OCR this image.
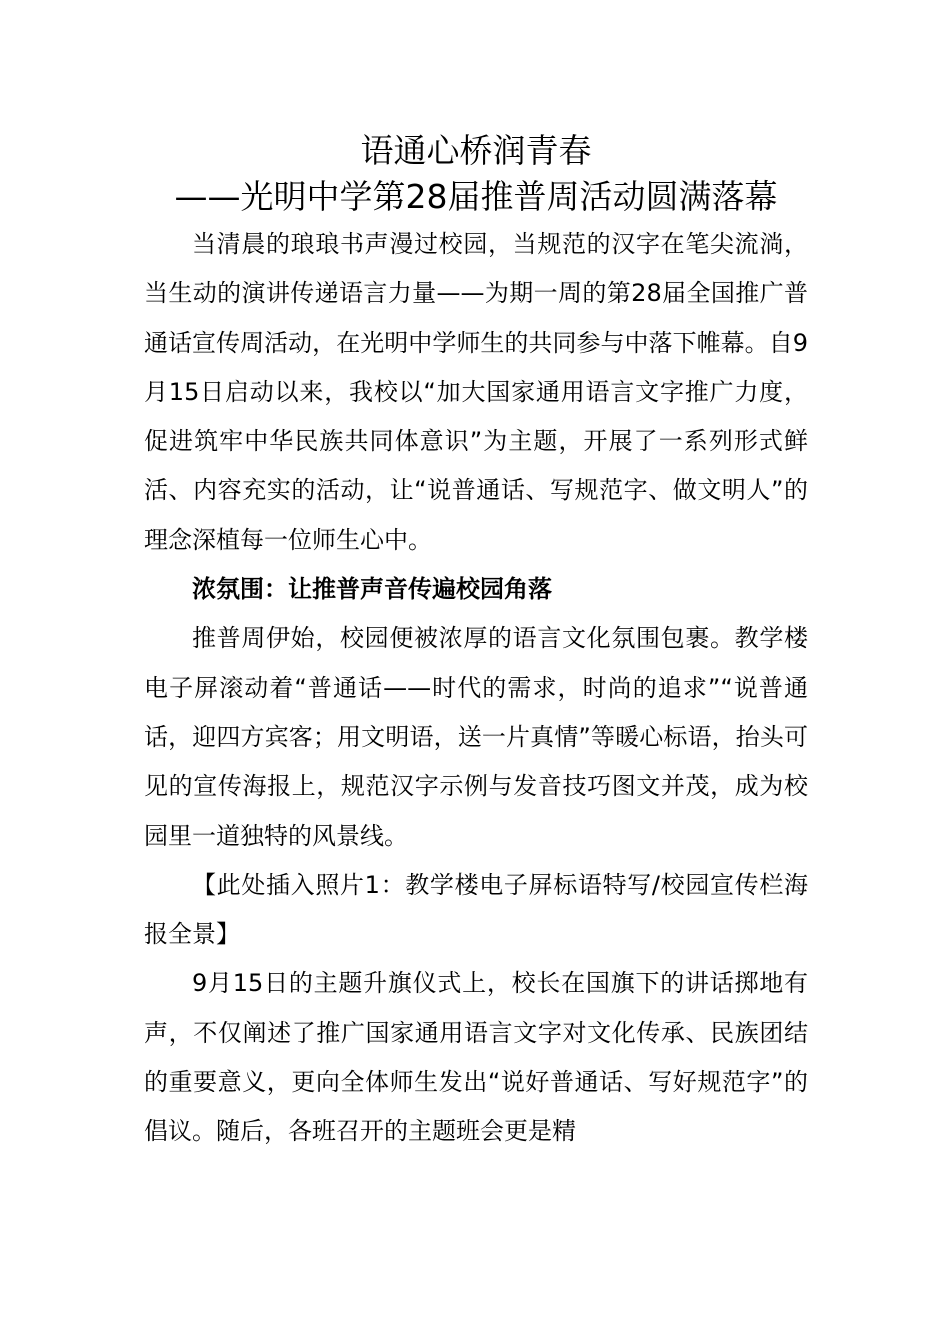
语通心桥润青春
——光明中学第28届推普周活动圆满落幕

当清晨的琅琅书声漫过校园，当规范的汉字在笔尖流淌，当生动的演讲传递语言力量——为期一周的第28届全国推广普通话宣传周活动，在光明中学师生的共同参与中落下帷幕。自9月15日启动以来，我校以“加大国家通用语言文字推广力度，促进筑牢中华民族共同体意识”为主题，开展了一系列形式鲜活、内容充实的活动，让“说普通话、写规范字、做文明人”的理念深植每一位师生心中。

浓氛围：让推普声音传遍校园角落

推普周伊始，校园便被浓厚的语言文化氛围包裹。教学楼电子屏滚动着“普通话——时代的需求，时尚的追求”“说普通话，迎四方宾客；用文明语，送一片真情”等暖心标语，抬头可见的宣传海报上，规范汉字示例与发音技巧图文并茂，成为校园里一道独特的风景线。

【此处插入照片1：教学楼电子屏标语特写/校园宣传栏海报全景】

9月15日的主题升旗仪式上，校长在国旗下的讲话掷地有声，不仅阐述了推广国家通用语言文字对文化传承、民族团结的重要意义，更向全体师生发出“说好普通话、写好规范字”的倡议。随后，各班召开的主题班会更是精
